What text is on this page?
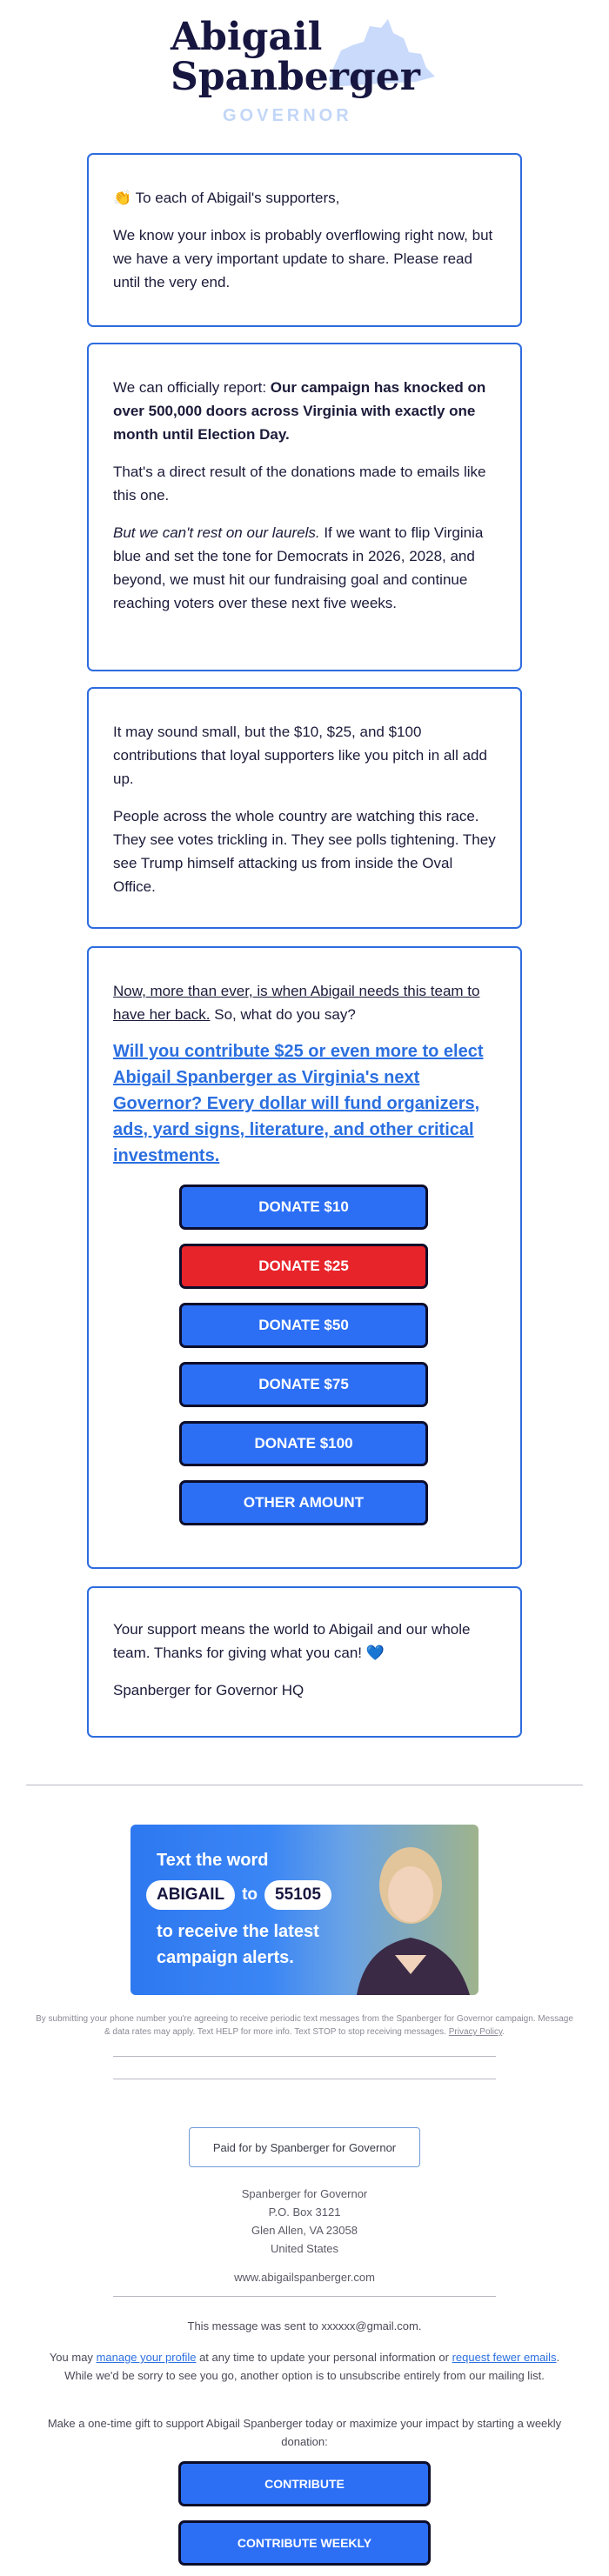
Abigail
Spanberger
GOVERNOR

👏 To each of Abigail's supporters,

We know your inbox is probably overflowing right now, but we have a very important update to share. Please read until the very end.

We can officially report: Our campaign has knocked on over 500,000 doors across Virginia with exactly one month until Election Day.

That's a direct result of the donations made to emails like this one.

But we can't rest on our laurels. If we want to flip Virginia blue and set the tone for Democrats in 2026, 2028, and beyond, we must hit our fundraising goal and continue reaching voters over these next five weeks.

It may sound small, but the $10, $25, and $100 contributions that loyal supporters like you pitch in all add up.

People across the whole country are watching this race. They see votes trickling in. They see polls tightening. They see Trump himself attacking us from inside the Oval Office.

Now, more than ever, is when Abigail needs this team to have her back. So, what do you say?

Will you contribute $25 or even more to elect Abigail Spanberger as Virginia's next Governor? Every dollar will fund organizers, ads, yard signs, literature, and other critical investments.
DONATE $10
DONATE $25
DONATE $50
DONATE $75
DONATE $100
OTHER AMOUNT

Your support means the world to Abigail and our whole team. Thanks for giving what you can! 💙

Spanberger for Governor HQ

Text the word
ABIGAIL	to	55105
to receive the latest
campaign alerts.
By submitting your phone number you're agreeing to receive periodic text messages from the Spanberger for Governor campaign. Message & data rates may apply. Text HELP for more info. Text STOP to stop receiving messages. Privacy Policy.
Paid for by Spanberger for Governor
Spanberger for Governor
P.O. Box 3121
Glen Allen, VA 23058
United States
www.abigailspanberger.com
This message was sent to xxxxxx@gmail.com.
You may manage your profile at any time to update your personal information or request fewer emails. While we'd be sorry to see you go, another option is to unsubscribe entirely from our mailing list.
Make a one-time gift to support Abigail Spanberger today or maximize your impact by starting a weekly donation:
CONTRIBUTE
CONTRIBUTE WEEKLY
